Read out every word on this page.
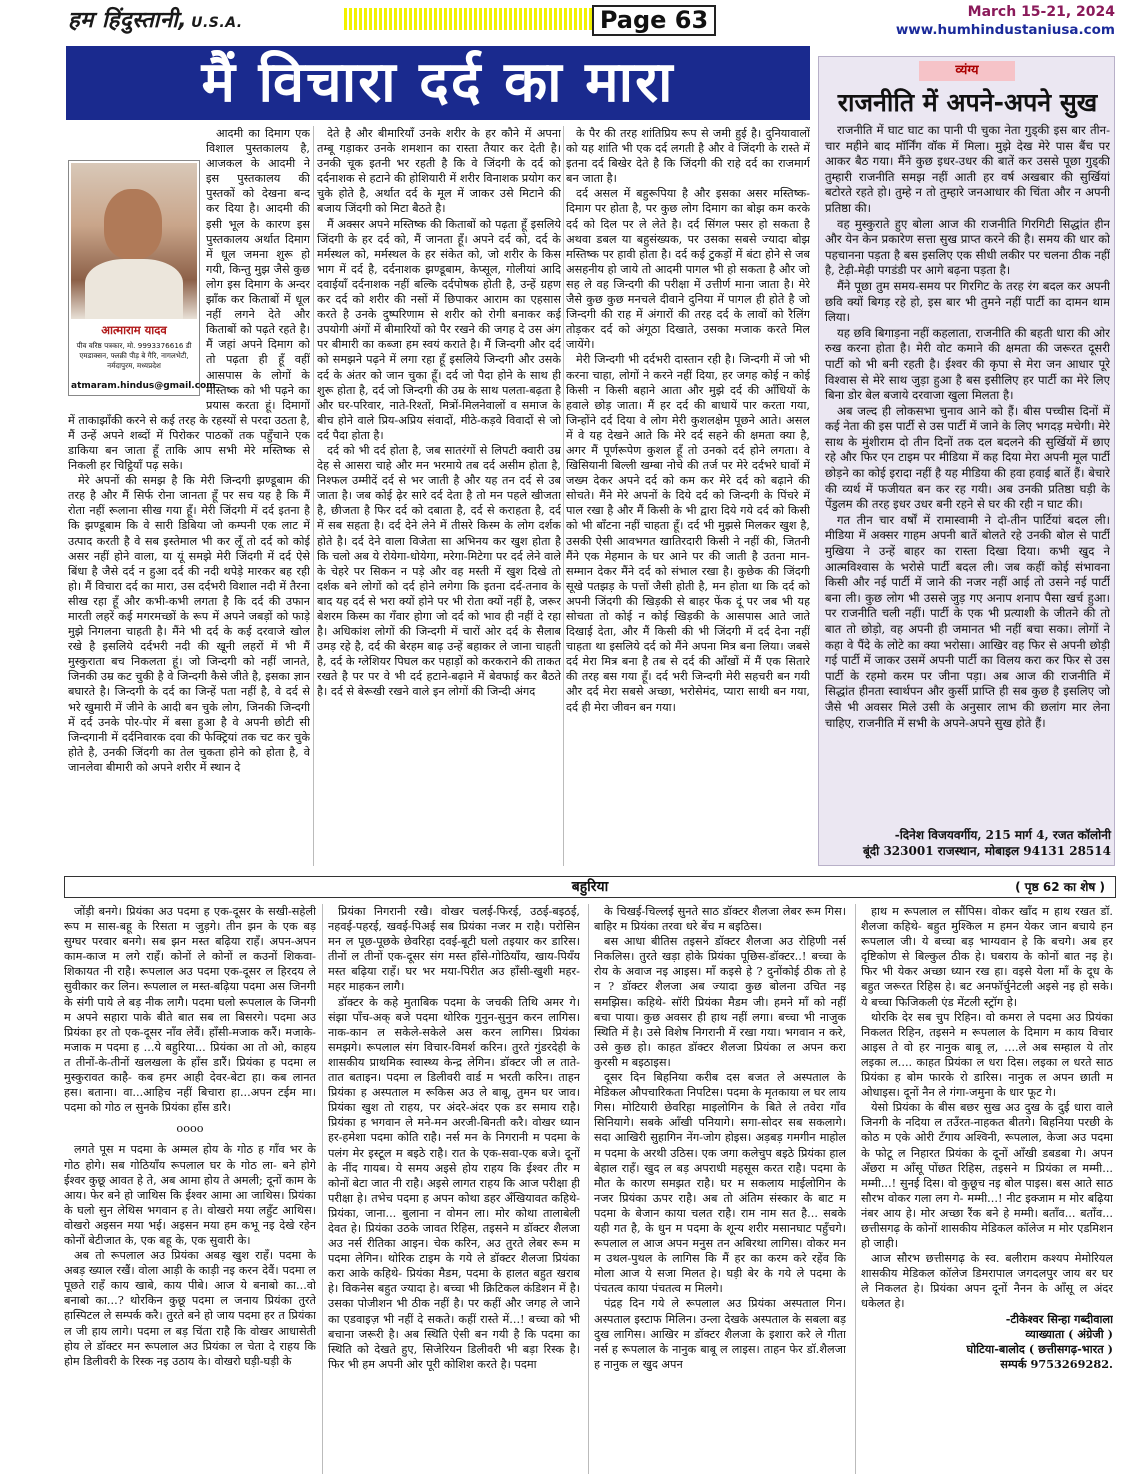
हम हिंदुस्तानी, U.S.A.	Page 63	March 15-21, 2024
www.humhindustaniusa.com
मैं विचारा दर्द का मारा
आत्माराम यादव
पीव वरिष्ठ पत्रकार, मो. 9993376616 डी एमडाक्सन, फ्लक्री पीड़ बे गैरि, नागलभेटी, नर्मदापुरम, मध्यप्रदेश
atmaram.hindus@gmail.com

आदमी का दिमाग एक विशाल पुस्तकालय है, आजकल के आदमी ने इस पुस्तकालय की पुस्तकों को देखना बन्द कर दिया है। आदमी की इसी भूल के कारण इस पुस्तकालय अर्थात दिमाग में धूल जमना शुरू हो गयी, किन्तु मुझ जैसे कुछ लोग इस दिमाग के अन्दर झाँक कर किताबों में धूल नहीं लगने देते और किताबों को पढ़ते रहते है। मैं जहां अपने दिमाग को तो पढ़ता ही हूँ वहीं आसपास के लोगों के मस्तिष्क को भी पढ़ने का प्रयास करता हूं। दिमागों में ताकाझाँकी करने से कई तरह के रहस्यों से परदा उठता है, मैं उन्हें अपने शब्दों में पिरोकर पाठकों तक पहुँचाने एक डाकिया बन जाता हूँ ताकि आप सभी मेरे मस्तिष्क से निकली हर चिट्ठियाँ पढ़ सके।

मेरे अपनों की समझ है कि मेरी जिन्दगी झण्डूबाम की तरह है और मैं सिर्फ रोना जानता हूँ पर सच यह है कि मैं रोता नहीं रूलाना सीख गया हूँ। मेरी जिंदगी में दर्द इतना है कि झण्डूबाम कि वे सारी डिबिया जो कम्पनी एक लाट में उत्पाद करती है वे सब इस्तेमाल भी कर लूँ तो दर्द को कोई असर नहीं होने वाला, या यूं समझे मेरी जिंदगी में दर्द ऐसे बिंधा है जैसे दर्द न हुआ दर्द की नदी थपेड़े मारकर बह रही हो। मैं विचारा दर्द का मारा, उस दर्दभरी विशाल नदी में तैरना सीख रहा हूँ और कभी-कभी लगता है कि दर्द की उफान मारती लहरें कई मगरमच्छों के रूप में अपने जबड़ों को फाड़े मुझे निगलना चाहती है। मैंने भी दर्द के कई दरवाजे खोल रखे है इसलिये दर्दभरी नदी की खूनी लहरों में भी मैं मुस्कुराता बच निकलता हूं। जो जिन्दगी को नहीं जानते, जिनकी उम्र कट चुकी है वे जिन्दगी कैसे जीते है, इसका ज्ञान बघारते है। जिन्दगी के दर्द का जिन्हें पता नहीं है, वे दर्द से भरे खुमारी में जीने के आदी बन चुके लोग, जिनकी जिन्दगी में दर्द उनके पोर-पोर में बसा हुआ है वे अपनी छोटी सी जिन्दगानी में दर्दनिवारक दवा की फेक्ट्रियां तक चट कर चुके होते है, उनकी जिंदगी का तेल चुकता होने को होता है, वे जानलेवा बीमारी को अपने शरीर में स्थान दे

देते है और बीमारियाँ उनके शरीर के हर कौने में अपना तम्बू गड़ाकर उनके शमशान का रास्ता तैयार कर देती है। उनकी चूक इतनी भर रहती है कि वे जिंदगी के दर्द को दर्दनाशक से हटाने की होशियारी में शरीर विनाशक प्रयोग कर चुके होते है, अर्थात दर्द के मूल में जाकर उसे मिटाने की बजाय जिंदगी को मिटा बैठते है।

मैं अक्सर अपने मस्तिष्क की किताबों को पढ़ता हूँ इसलिये जिंदगी के हर दर्द को, मैं जानता हूँ। अपने दर्द को, दर्द के मर्मस्थल को, मर्मस्थल के हर संकेत को, जो शरीर के किस भाग में दर्द है, दर्दनाशक झण्डूबाम, केप्सूल, गोलीयां आदि दवाईयाँ दर्दनाशक नहीं बल्कि दर्दपोषक होती है, उन्हें ग्रहण कर दर्द को शरीर की नसों में छिपाकर आराम का एहसास करते है उनके दुष्परिणाम से शरीर को रोगी बनाकर कई उपयोगी अंगों में बीमारियों को पैर रखने की जगह दे उस अंग पर बीमारी का कब्जा हम स्वयं कराते है। मैं जिन्दगी और दर्द को समझने पढ़ने में लगा रहा हूँ इसलिये जिन्दगी और उसके दर्द के अंतर को जान चुका हूँ। दर्द जो पैदा होने के साथ ही शुरू होता है, दर्द जो जिन्दगी की उम्र के साथ पलता-बढ़ता है और घर-परिवार, नाते-रिश्तों, मित्रों-मिलनेवालों व समाज के बीच होने वाले प्रिय-अप्रिय संवादों, मीठे-कड़वे विवादों से जो दर्द पैदा होता है।

दर्द को भी दर्द होता है, जब सातरंगों से लिपटी क्वारी उम्र देह से आसरा चाहे और मन भरमाये तब दर्द असीम होता है, निश्फल उम्मीदें दर्द से भर जाती है और यह तन दर्द से उब जाता है। जब कोई ढ़ेर सारे दर्द देता है तो मन पहले खीजता है, छीजता है फिर दर्द को दबाता है, दर्द से कराहता है, दर्द में सब सहता है। दर्द देने लेने में तीसरे किस्म के लोग दर्शक होते है। दर्द देने वाला विजेता सा अभिनय कर खुश होता है कि चलो अब ये रोयेगा-धोयेगा, मरेगा-मिटेगा पर दर्द लेने वाले के चेहरे पर सिकन न पड़े और वह मस्ती में खुश दिखे तो दर्शक बने लोगों को दर्द होने लगेगा कि इतना दर्द-तनाव के बाद यह दर्द से भरा क्यों होने पर भी रोता क्यों नहीं है, जरूर बेशरम किस्म का गँवार होगा जो दर्द को भाव ही नहीं दे रहा है। अधिकांश लोगों की जिन्दगी में चारों ओर दर्द के सैलाब उमड़ रहे है, दर्द की बेरहम बाढ़ उन्हें बहाकर ले जाना चाहती है, दर्द के ग्लेशियर पिघल कर पहाड़ों को करकराने की ताकत रखते है पर पर वे भी दर्द हटाने-बढ़ाने में बेवफाई कर बैठते है। दर्द से बेरूखी रखने वाले इन लोगों की जिन्दी अंगद

के पैर की तरह शांतिप्रिय रूप से जमी हुई है। दुनियावालों को यह शांति भी एक दर्द लगती है और वे जिंदगी के रास्ते में इतना दर्द बिखेर देते है कि जिंदगी की राहे दर्द का राजमार्ग बन जाता है।

दर्द असल में बहुरूपिया है और इसका असर मस्तिष्क-दिमाग पर होता है, पर कुछ लोग दिमाग का बोझ कम करके दर्द को दिल पर ले लेते है। दर्द सिंगल फ्सर हो सकता है अथवा डबल या बहुसंख्यक, पर उसका सबसे ज्यादा बोझ मस्तिष्क पर हावी होता है। दर्द कई टुकड़ों में बंटा होने से जब असहनीय हो जाये तो आदमी पागल भी हो सकता है और जो सह ले वह जिन्दगी की परीक्षा में उत्तीर्ण माना जाता है। मेरे जैसे कुछ कुछ मनचले दीवाने दुनिया में पागल ही होते है जो जिन्दगी की राह में अंगारों की तरह दर्द के लावों को रैलिंग तोड़कर दर्द को अंगूठा दिखाते, उसका मजाक करते मिल जायेंगे।

मेरी जिन्दगी भी दर्दभरी दास्तान रही है। जिन्दगी में जो भी करना चाहा, लोगों ने करने नहीं दिया, हर जगह कोई न कोई किसी न किसी बहाने आता और मुझे दर्द की आँधियों के हवाले छोड़ जाता। मैं हर दर्द की बाधायें पार करता गया, जिन्होंने दर्द दिया वे लोग मेरी कुशलक्षेम पूछने आते। असल में वे यह देखने आते कि मेरे दर्द सहने की क्षमता क्या है, अगर मैं पूर्णरूपेण कुशल हूँ तो उनको दर्द होने लगता। वे खिसियानी बिल्ली खम्बा नोचे की तर्ज पर मेरे दर्दभरे घावों में जख्म देकर अपने दर्द को कम कर मेरे दर्द को बढ़ाने की सोचते। मैंने मेरे अपनों के दिये दर्द को जिन्दगी के पिंचरे में पाल रखा है और मैं किसी के भी द्वारा दिये गये दर्द को किसी को भी बाँटना नहीं चाहता हूँ। दर्द भी मुझसे मिलकर खुश है, उसकी ऐसी आवभगत खातिरदारी किसी ने नहीं की, जितनी मैंने एक मेहमान के घर आने पर की जाती है उतना मान-सम्मान देकर मैंने दर्द को संभाल रखा है। कुछेक की जिंदगी सूखे पतझड़ के पत्तों जैसी होती है, मन होता था कि दर्द को अपनी जिंदगी की खिड़की से बाहर फेंक दूं पर जब भी यह सोचता तो कोई न कोई खिड़की के आसपास आते जाते दिखाई देता, और मैं किसी की भी जिंदगी में दर्द देना नहीं चाहता था इसलिये दर्द को मैंने अपना मित्र बना लिया। जबसे दर्द मेरा मित्र बना है तब से दर्द की आँखों में मैं एक सितारे की तरह बस गया हूँ। दर्द भरी जिन्दगी मेरी सहचरी बन गयी और दर्द मेरा सबसे अच्छा, भरोसेमंद, प्यारा साथी बन गया, दर्द ही मेरा जीवन बन गया।

व्यंग्य
राजनीति में अपने-अपने सुख

राजनीति में घाट घाट का पानी पी चुका नेता गुड्की इस बार तीन-चार महीने बाद मॉर्निंग वॉक में मिला। मुझे देख मेरे पास बैंच पर आकर बैठ गया। मैंने कुछ इधर-उधर की बातें कर उससे पूछा गुड्की तुम्हारी राजनीति समझ नहीं आती हर वर्ष अखबार की सुर्खियां बटोरते रहते हो। तुम्हे न तो तुम्हारे जनआधार की चिंता और न अपनी प्रतिष्ठा की।

वह मुस्कुराते हुए बोला आज की राजनीति गिरगिटी सिद्धांत हीन और येन केन प्रकारेण सत्ता सुख प्राप्त करने की है। समय की धार को पहचानना पड़ता है बस इसलिए एक सीधी लकीर पर चलना ठीक नहीं है, टेढ़ी-मेढ़ी पगडंडी पर आगे बढ़ना पड़ता है।

मैंने पूछा तुम समय-समय पर गिरगिट के तरह रंग बदल कर अपनी छवि क्यों बिगड़ रहे हो, इस बार भी तुमने नहीं पार्टी का दामन थाम लिया।

यह छवि बिगाड़ना नहीं कहलाता, राजनीति की बहती धारा की ओर रुख करना होता है। मेरी वोट कमाने की क्षमता की जरूरत दूसरी पार्टी को भी बनी रहती है। ईश्वर की कृपा से मेरा जन आधार पूरे विश्वास से मेरे साथ जुड़ा हुआ है बस इसीलिए हर पार्टी का मेरे लिए बिना डोर बेल बजाये दरवाजा खुला मिलता है।

अब जल्द ही लोकसभा चुनाव आने को हैं। बीस पच्चीस दिनों में कई नेता की इस पार्टी से उस पार्टी में जाने के लिए भगदड़ मचेगी। मेरे साथ के मुंशीराम दो तीन दिनों तक दल बदलने की सुर्खियों में छाए रहे और फिर एन टाइम पर मीडिया में कह दिया मेरा अपनी मूल पार्टी छोड़ने का कोई इरादा नहीं है यह मीडिया की हवा हवाई बातें हैं। बेचारे की व्यर्थ में फजीयत बन कर रह गयी। अब उनकी प्रतिष्ठा घड़ी के पेंडुलम की तरह इधर उधर बनी रहने से घर की रही न घाट की।

गत तीन चार वर्षों में रामास्वामी ने दो-तीन पार्टियां बदल ली। मीडिया में अक्सर गाहम अपनी बातें बोलते रहे उनकी बोल से पार्टी मुखिया ने उन्हें बाहर का रास्ता दिखा दिया। कभी खुद ने आत्मविश्वास के भरोसे पार्टी बदल ली। जब कहीं कोई संभावना किसी और नई पार्टी में जाने की नजर नहीं आई तो उसने नई पार्टी बना ली। कुछ लोग भी उससे जुड़ गए अनाप शनाप पैसा खर्च हुआ। पर राजनीति चली नहीं। पार्टी के एक भी प्रत्याशी के जीतने की तो बात तो छोड़ो, वह अपनी ही जमानत भी नहीं बचा सका। लोगों ने कहा वे पैंदे के लोटे का क्या भरोसा। आखिर वह फिर से अपनी छोड़ी गई पार्टी में जाकर उसमें अपनी पार्टी का विलय करा कर फिर से उस पार्टी के रहमो करम पर जीना पड़ा। अब आज की राजनीति में सिद्धांत हीनता स्वार्थपन और कुर्सी प्राप्ति ही सब कुछ है इसलिए जो जैसे भी अवसर मिले उसी के अनुसार लाभ की छलांग मार लेना चाहिए, राजनीति में सभी के अपने-अपने सुख होते हैं।

-दिनेश विजयवर्गीय, 215 मार्ग 4, रजत कॉलोनी
बूंदी 323001 राजस्थान, मोबाइल 94131 28514
बहुरिया	( पृष्ठ 62 का शेष )

जोंड़ी बनगे। प्रियंका अउ पदमा ह एक-दूसर के सखी-सहेली रूप म सास-बहू के रिसता म जुड़गे। तीन झन के एक बड़ सुग्घर परवार बनगे। सब झन मस्त बढ़िया राहँ। अपन-अपन काम-काज म लगे राहँ। कोनों ले कोनों ल कउनों शिकवा-शिकायत नी राहै। रूपलाल अउ पदमा एक-दूसर ल हिरदय ले सुवीकार कर लिन। रूपलाल ल मस्त-बढ़िया पदमा अस जिनगी के संगी पाये ले बड़ नीक लागै। पदमा घलो रूपलाल के जिनगी म अपने सहारा पाके बीते बात सब ला बिसरगे। पदमा अउ प्रियंका हर तो एक-दूसर नाँव लेवैं। हाँसी-मजाक करैं। मजाके-मजाक म पदमा ह ...ये बहुरिया... प्रियंका आ तो ओ, काहय त तीनों-के-तीनों खलखला के हाँस डारैं। प्रियंका ह पदमा ल मुस्कुरावत काहै- कब हमर आही देवर-बेटा हा। कब लानत हस। बताना। वा...आहिच नहीं बिचारा हा...अपन टईम मा। पदमा को गोठ ल सुनके प्रियंका हाँस डारै।

oooo

लगते पूस म पदमा के अम्मल होय के गोठ ह गाँव भर के गोठ होगे। सब गोठियाँय रूपलाल घर के गोठ ला- बने होगे ईश्वर कुछू आवत हे ते, अब आमा होय ते अमली; दूनों काम के आय। फेर बने हो जाथिस कि ईश्वर आमा आ जाथिस। प्रियंका के घलो सुन लेथिस भगवान ह ते। वोखरो मया लहुँट आथिस। वोखरो अइसन मया भई। अइसन मया हम कभू नइ देखे रहेन कोनों बेटीजात के, एक बहू के, एक सुवारी के।

अब तो रूपलाल अउ प्रियंका अबड़ खुश राहँ। पदमा के अबड़ ख्याल रखैं। वोला आड़ी के काड़ी नइ करन देवैं। पदमा ल पूछते राहँ काय खाबे, काय पीबे। आज ये बनाबो का...वो बनाबो का...? थोरकिन कुछू पदमा ल जनाय प्रियंका तुरते हास्पिटल ले सम्पर्क करै। तुरते बने हो जाय पदमा हर त प्रियंका ल जी हाय लागे। पदमा ल बड़ चिंता राहै कि वोखर आधासेती होय ले डॉक्टर मन रूपलाल अउ प्रियंका ल चेता दे राहय कि होम डिलीवरी के रिस्क नइ उठाय के। वोखरो घड़ी-घड़ी के

प्रियंका निगरानी रखै। वोखर चलई-फिरई, उठई-बइठई, नहवई-पहरई, खवई-पिअई सब प्रियंका नजर म राहै। परोसिन मन ल पूछ-पूछके छेवरिहा दवई-बूटी घलो तइयार कर डारिस। तीनों ल तीनों एक-दूसर संग मस्त हाँसे-गोठियाँय, खाय-पियँय मस्त बढ़िया राहँ। घर भर मया-पिरीत अउ हाँसी-खुशी महर-महर माहकन लागै।

डॉक्टर के कहे मुताबिक पदमा के जचकी तिथि अमर गे। संझा पाँच-अक् बजे पदमा थोरिक गुनुन-सुनुन करन लागिस। नाक-कान ल सकेले-सकेले अस करन लागिस। प्रियंका समझगे। रूपलाल संग विचार-विमर्श करिन। तुरते गुंडरदेही के शासकीय प्राथमिक स्वास्थ्य केन्द्र लेगिन। डॉक्टर जी ल ताते-तात बताइन। पदमा ल डिलीवरी वार्ड म भरती करिन। ताहन प्रियंका ह अस्पताल म रूकिस अउ ले बाबू, तुमन घर जाव। प्रियंका खुश तो राहय, पर अंदरे-अंदर एक डर समाय राहै। प्रियंका ह भगवान ले मने-मन अरजी-बिनती करै। वोखर ध्यान हर-हमेशा पदमा कोति राहै। नर्स मन के निगरानी म पदमा के पलंग मेर इस्टूल म बइठे राहै। रात के एक-सवा-एक बजे। दूनों के नींद गायब। ये समय अइसे होय राहय कि ईश्वर तीर म कोनों बेटा जात नी राहै। अइसे लागत राहय कि आज परीक्षा ही परीक्षा हे। तभेच पदमा ह अपन कोथा डहर अँखियावत कहिथे-प्रियंका, जाना... बुलाना न वोमन ला। मोर कोथा तालाबेली देवत हे। प्रियंका उठके जावत रिहिस, तइसने म डॉक्टर शैलजा अउ नर्स रीतिका आइन। चेक करिन, अउ तुरते लेबर रूम म पदमा लेगिन। थोरिक टाइम के गये ले डॉक्टर शैलजा प्रियंका करा आके कहिथे- प्रियंका मैडम, पदमा के हालत बहुत खराब हे। विकनेस बहुत ज्यादा हे। बच्चा भी क्रिटिकल कंडिशन में है। उसका पोजीशन भी ठीक नहीं है। पर कहीं और जगह ले जाने का एडवाइज़ भी नहीं दे सकते। कहीं रास्ते में...! बच्चा को भी बचाना जरूरी है। अब स्थिति ऐसी बन गयी है कि पदमा का स्थिति को देखते हुए, सिजेरियन डिलीवरी भी बड़ा रिस्क है। फिर भी हम अपनी ओर पूरी कोशिश करते है। पदमा

के चिखई-चिल्लई सुनते साठ डॉक्टर शैलजा लेबर रूम गिस। बाहिर म प्रियंका तरवा धरे बेंच म बइठिस।

बस आधा बीतिस तइसने डॉक्टर शैलजा अउ रोहिणी नर्स निकलिस। तुरते खड़ा होके प्रियंका पूछिस-डॉक्टर..! बच्चा के रोय के अवाज नइ आइस। माँ कइसे हे ? दुनोंकोई ठीक तो हे न ? डॉक्टर शैलजा अब ज्यादा कुछ बोलना उचित नइ समझिस। कहिथे- सॉरी प्रियंका मैडम जी। हमने माँ को नहीं बचा पाया। कुछ अवसर ही हाथ नहीं लगा। बच्चा भी नाजुक स्थिति में है। उसे विशेष निगरानी में रखा गया। भगवान न करे, उसे कुछ हो। काहत डॉक्टर शैलजा प्रियंका ल अपन करा कुरसी म बइठाइस।

दूसर दिन बिहनिया करीब दस बजत ले अस्पताल के मेडिकल औपचारिकता निपटिस। पदमा के मृतकाया ल घर लाय गिस। मोटियारी छेवरिहा माइलोगिन के बिते ले तवेरा गाँव सिनियागे। सबके आँखी पनियागे। सगा-सोदर सब सकलागे। सदा आखिरी सुहागिन नेंग-जोग होइस। अड़बड़ गमगीन माहोल म पदमा के अरथी उठिस। एक जगा कलेचुप बइठे प्रियंका हाल बेहाल राहँ। खुद ल बड़ अपराधी महसूस करत राहै। पदमा के मौत के कारण समझत राहै। घर म सकलाय माईलोगिन के नजर प्रियंका ऊपर राहै। अब तो अंतिम संस्कार के बाट म पदमा के बेजान काया चलत राहै। राम नाम सत है... सबके यही गत है, के धुन म पदमा के शून्य शरीर मसानघाट पहुँचगे। रूपलाल ल आज अपन मनुस तन अबिरथा लागिस। वोकर मन म उथल-पुथल के लागिस कि मैं हर का करम करे रहेंव कि मोला आज ये सजा मिलत हे। घड़ी बेर के गये ले पदमा के पंचतत्व काया पंचतत्व म मिलगे।

पंद्रह दिन गये ले रूपलाल अउ प्रियंका अस्पताल गिन। अस्पताल इस्टाफ मिलिन। उन्ला देखके अस्पताल के सबला बड़ दुख लागिस। आखिर म डॉक्टर शैलजा के इशारा करे ले गीता नर्स ह रूपलाल के नानुक बाबू ल लाइस। ताहन फेर डॉ.शैलजा ह नानुक ल खुद अपन

हाथ म रूपलाल ल सौंपिस। वोकर खाँद म हाथ रखत डॉ. शैलजा कहिथे- बहुत मुश्किल म हमन येकर जान बचाये हन रूपलाल जी। ये बच्चा बड़ भाग्यवान हे कि बचगे। अब हर दृष्टिकोण से बिल्कुल ठीक हे। घबराय के कोनों बात नइ हे। फिर भी येकर अच्छा ध्यान रख हा। वइसे येला माँ के दूध के बहुत जरूरत रिहिस हे। बट अनफॉर्चुनेटली अइसे नइ हो सके। ये बच्चा फिजिकली एंड मेंटली स्ट्रॉग हे।

थोरकि देर सब चुप रिहिन। वो कमरा ले पदमा अउ प्रियंका निकलत रिहिन, तइसने म रूपलाल के दिमाग म काय विचार आइस ते वो हर नानुक बाबू ल, ....ले अब सम्हाल ये तोर लइका ल.... काहत प्रियंका ल धरा दिस। लइका ल धरते साठ प्रियंका ह बोम फारके रो डारिस। नानुक ल अपन छाती म ओधाइस। दूनों नैन ले गंगा-जमुना के धार फूट गे।

येसो प्रियंका के बीस बछर सुख अउ दुख के दुई धारा वाले जिनगी के नदिया ल तउँरत-नाहकत बीतगे। बिहनिया परछी के कोठ म एके ओरी टँगाय अश्विनी, रूपलाल, केजा अउ पदमा के फोटू ल निहारत प्रियंका के दूनों आँखी डबडबा गे। अपन अँछरा म आँसू पोंछत रिहिस, तइसने म प्रियंका ल मम्मी... मम्मी...! सुनई दिस। वो कुछूच नइ बोल पाइस। बस आते साठ सौरभ वोकर गला लग गे- मम्मी...! नीट इक्जाम म मोर बढ़िया नंबर आय हे। मोर अच्छा रैंक बने हे मम्मी। बताँव... बताँव... छत्तीसगढ़ के कोनों शासकीय मेडिकल कॉलेज म मोर एडमिशन हो जाही।

आज सौरभ छत्तीसगढ़ के स्व. बलीराम कश्यप मेमोरियल शासकीय मेडिकल कॉलेज डिमरापाल जगदलपुर जाय बर घर ले निकलत हे। प्रियंका अपन दूनों नैनन के आँसू ल अंदर धकेलत हे।

-टीकेश्वर सिन्हा गब्दीवाला
व्याख्याता ( अंग्रेजी )
घोटिया-बालोद ( छत्तीसगढ़-भारत )
सम्पर्क 9753269282.
